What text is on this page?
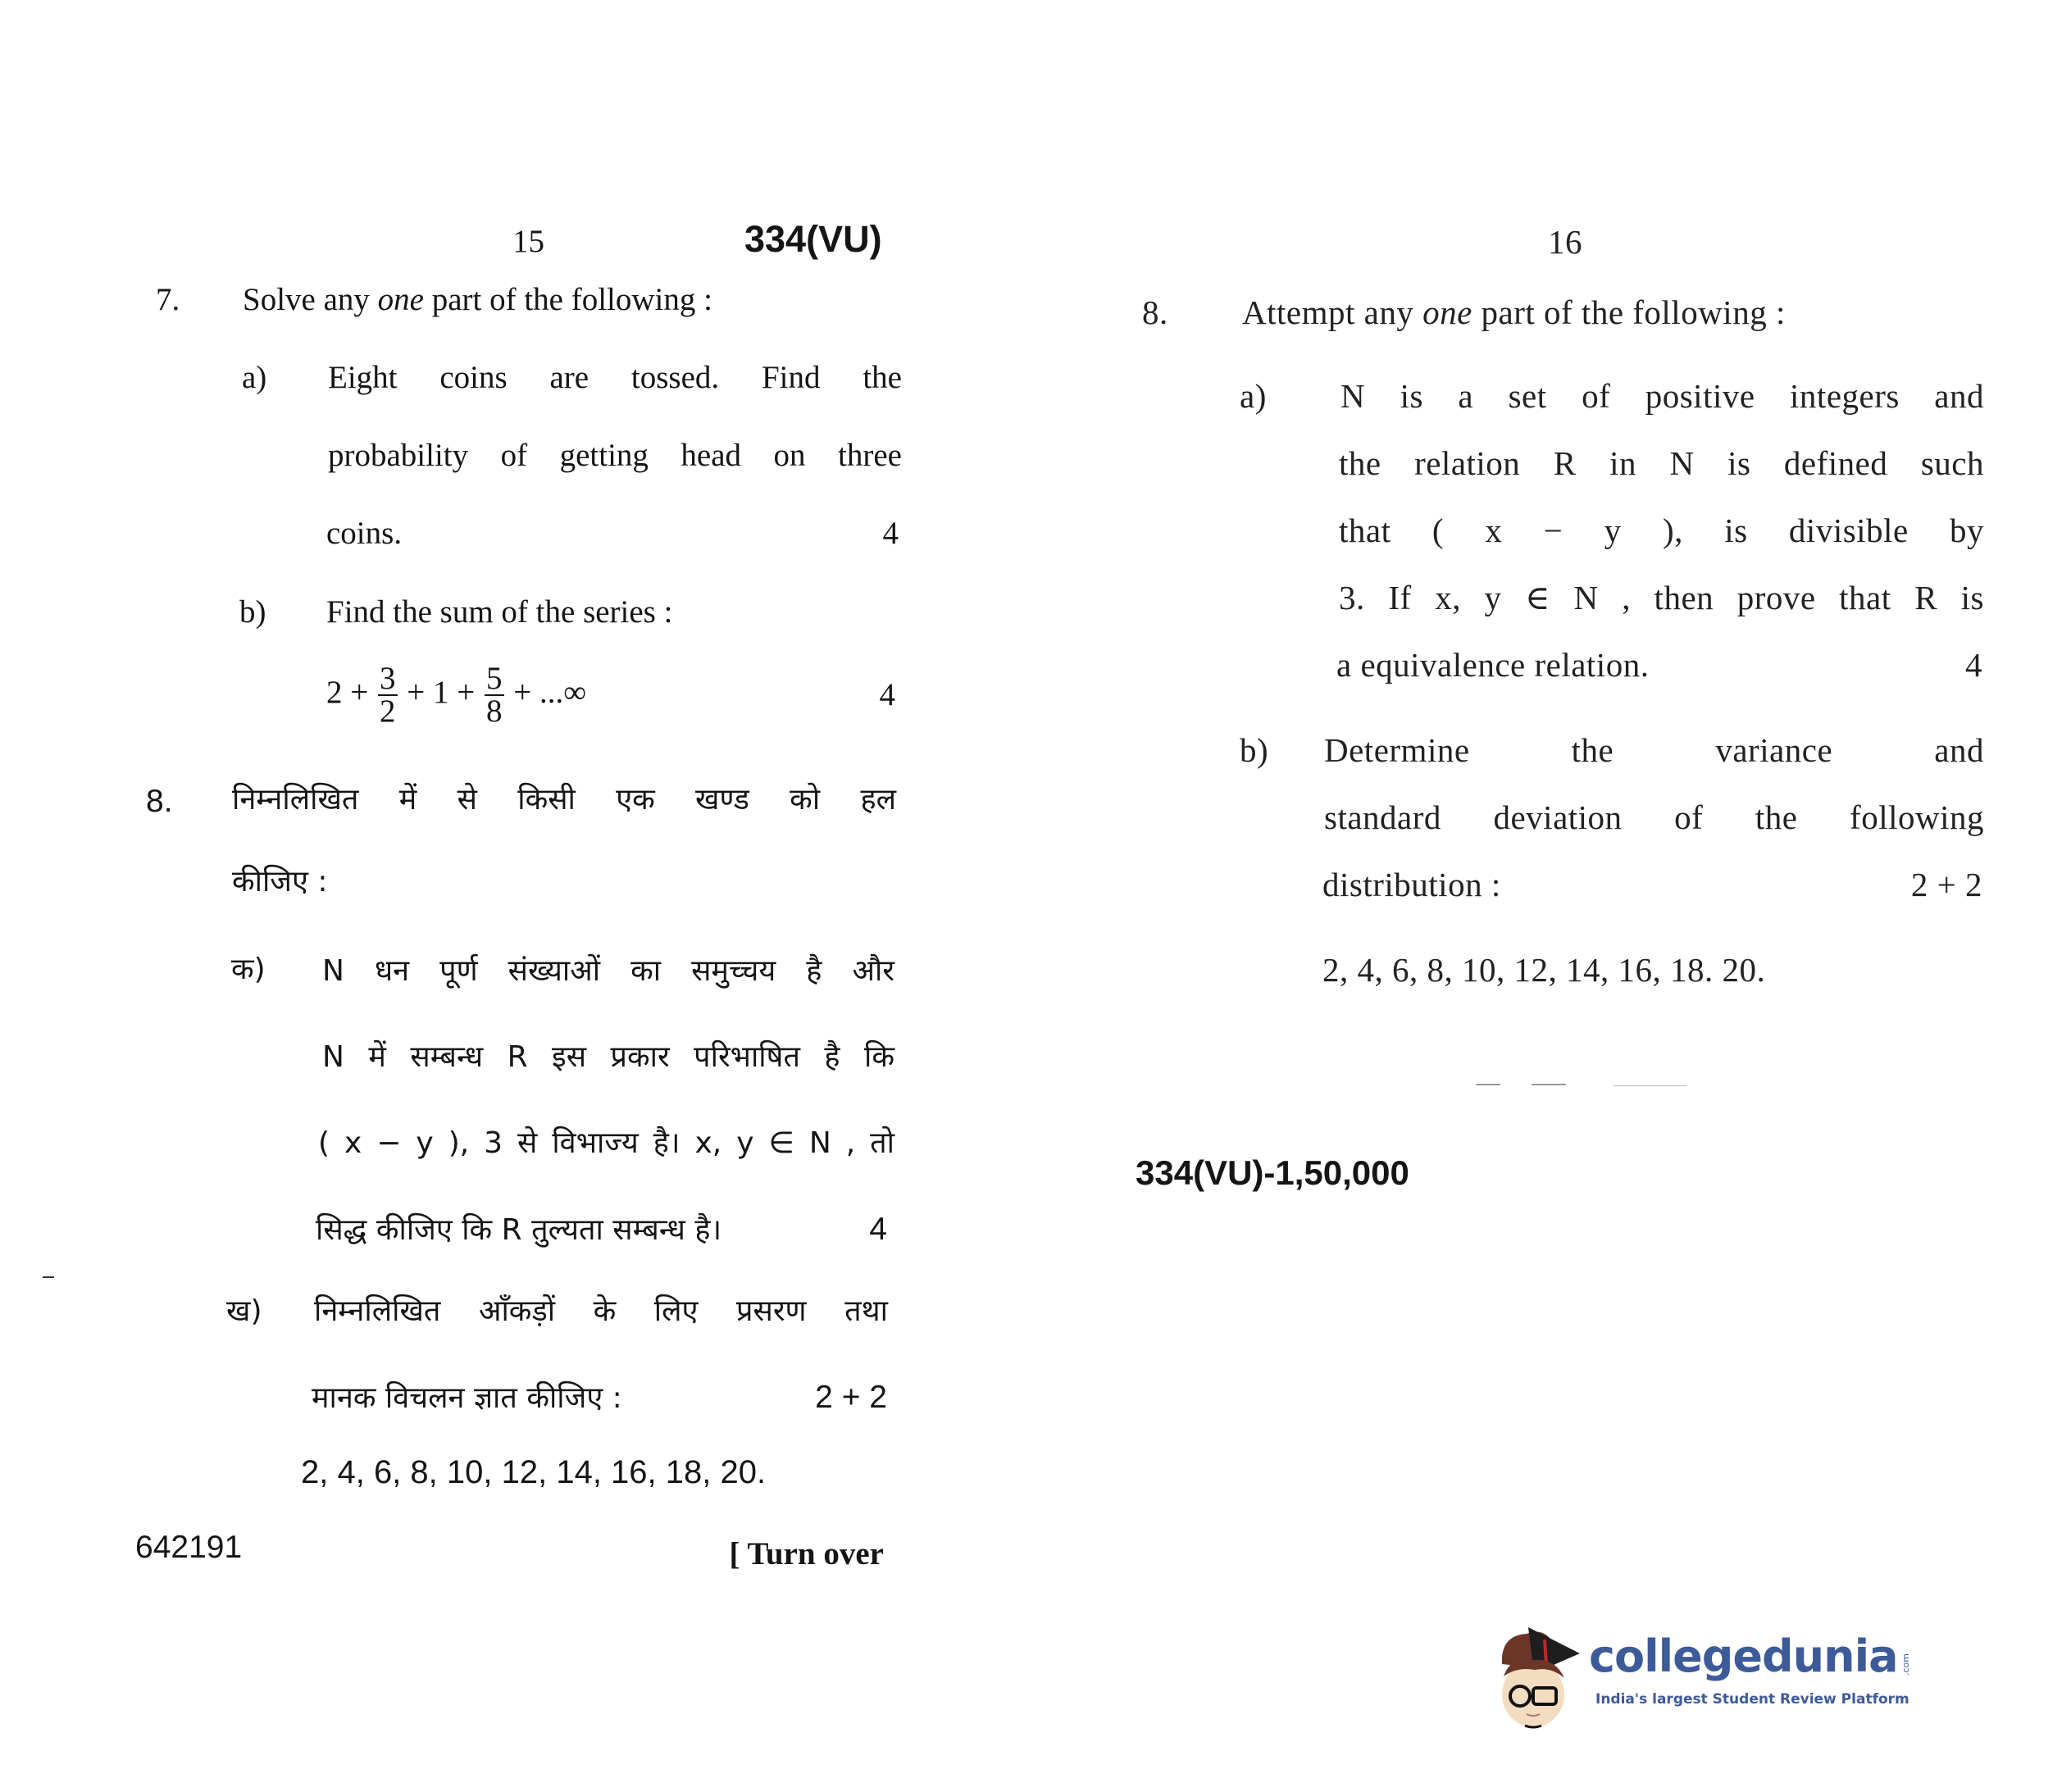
15	334(VU)
7. Solve any one part of the following :
a) Eight coins are tossed. Find the
probability of getting head on three
coins.	4
b) Find the sum of the series :
$2 + \frac{3}{2} + 1 + \frac{5}{8}$ + ...∞	4
8. निम्नलिखित में से किसी एक खण्ड को हल
कीजिए :
क) N धन पूर्ण संख्याओं का समुच्चय है और
N में सम्बन्ध R इस प्रकार परिभाषित है कि
( x − y ), 3 से विभाज्य है। x, y ∈ N , तो
सिद्ध कीजिए कि R तुल्यता सम्बन्ध है।	4
ख) निम्नलिखित आँकड़ों के लिए प्रसरण तथा
मानक विचलन ज्ञात कीजिए :	2 + 2
2, 4, 6, 8, 10, 12, 14, 16, 18, 20.
642191	[ Turn over
16
8. Attempt any one part of the following :
a) N is a set of positive integers and
the relation R in N is defined such
that ( x − y ), is divisible by
3. If x, y ∈ N , then prove that R is
a equivalence relation.	4
b) Determine the variance and
standard deviation of the following
distribution :	2 + 2
2, 4, 6, 8, 10, 12, 14, 16, 18. 20.
334(VU)-1,50,000
collegedunia .com
India's largest Student Review Platform
